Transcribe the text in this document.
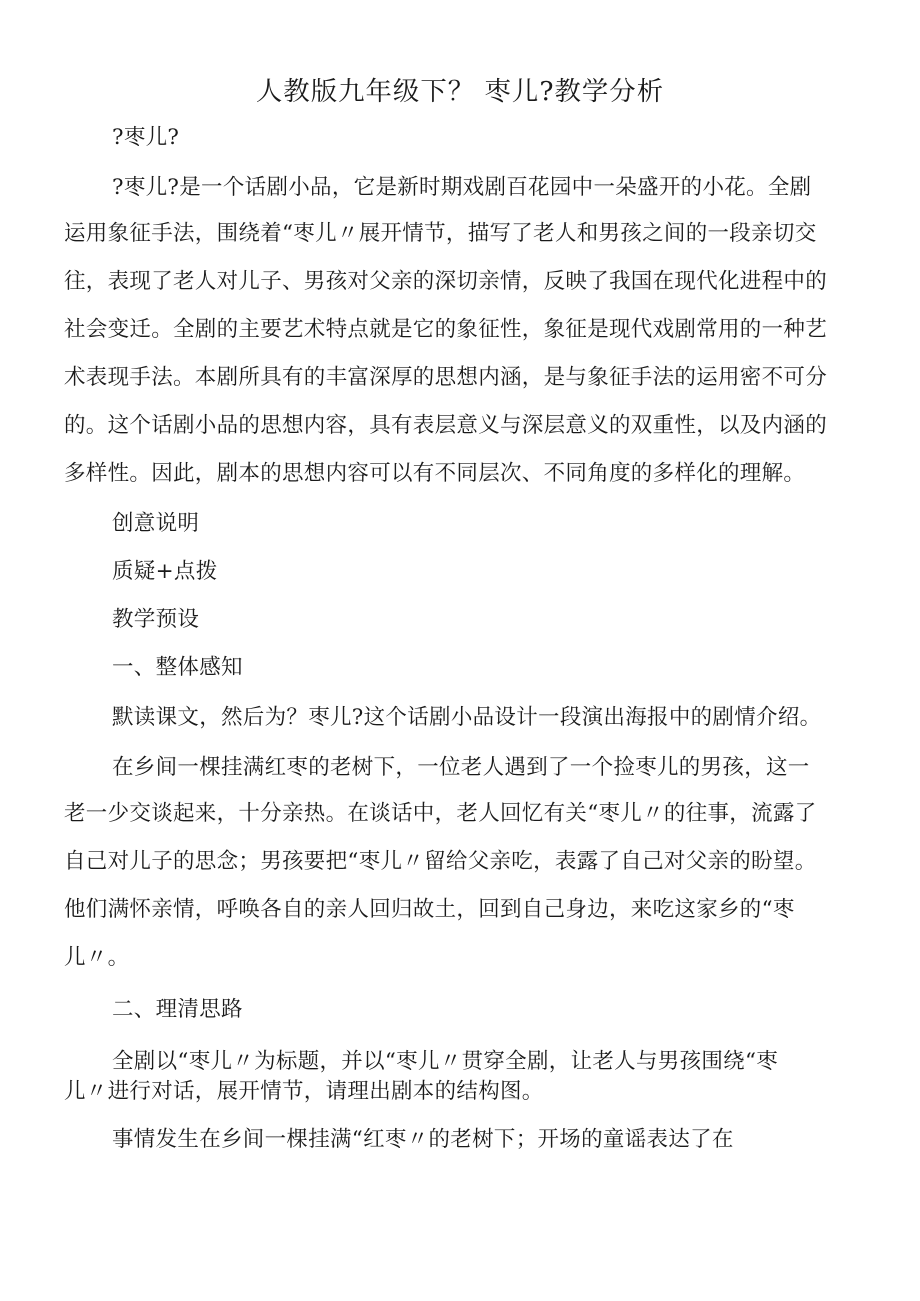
人教版九年级下？ 枣儿?教学分析
?枣儿?
?枣儿?是一个话剧小品，它是新时期戏剧百花园中一朵盛开的小花。全剧
运用象征手法，围绕着“枣儿〃展开情节，描写了老人和男孩之间的一段亲切交
往，表现了老人对儿子、男孩对父亲的深切亲情，反映了我国在现代化进程中的
社会变迁。全剧的主要艺术特点就是它的象征性，象征是现代戏剧常用的一种艺
术表现手法。本剧所具有的丰富深厚的思想内涵，是与象征手法的运用密不可分
的。这个话剧小品的思想内容，具有表层意义与深层意义的双重性，以及内涵的
多样性。因此，剧本的思想内容可以有不同层次、不同角度的多样化的理解。
创意说明
质疑+点拨
教学预设
一、整体感知
默读课文，然后为？枣儿?这个话剧小品设计一段演出海报中的剧情介绍。
在乡间一棵挂满红枣的老树下，一位老人遇到了一个捡枣儿的男孩，这一
老一少交谈起来，十分亲热。在谈话中，老人回忆有关“枣儿〃的往事，流露了
自己对儿子的思念；男孩要把“枣儿〃留给父亲吃，表露了自己对父亲的盼望。
他们满怀亲情，呼唤各自的亲人回归故土，回到自己身边，来吃这家乡的“枣
儿〃。
二、理清思路
全剧以“枣儿〃为标题，并以“枣儿〃贯穿全剧，让老人与男孩围绕“枣
儿〃进行对话，展开情节，请理出剧本的结构图。
事情发生在乡间一棵挂满“红枣〃的老树下；开场的童谣表达了在
